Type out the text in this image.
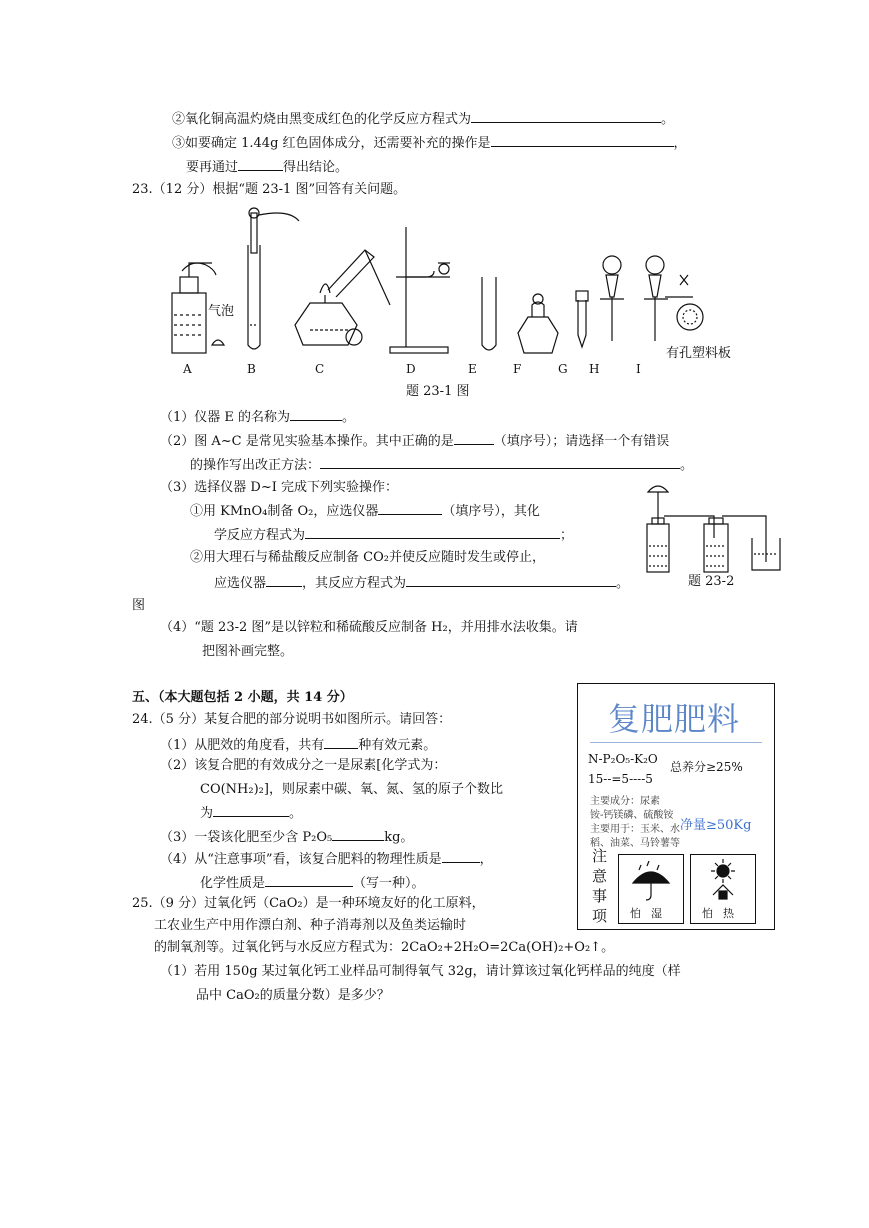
②氧化铜高温灼烧由黑变成红色的化学反应方程式为	。
③如要确定 1.44g 红色固体成分，还需要补充的操作是	，
要再通过	得出结论。
23.（12 分）根据“题 23-1 图”回答有关问题。
气泡
有孔塑料板
A	B	C	D	E	F	G H	I
题 23-1 图
（1）仪器 E 的名称为	。
（2）图 A~C 是常见实验基本操作。其中正确的是	（填序号）；请选择一个有错误
的操作写出改正方法：	。
（3）选择仪器 D~I 完成下列实验操作：
①用 KMnO₄制备 O₂，应选仪器	（填序号），其化
学反应方程式为	；
②用大理石与稀盐酸反应制备 CO₂并使反应随时发生或停止，
应选仪器	，其反应方程式为	。	题 23-2
图
（4）“题 23-2 图”是以锌粒和稀硫酸反应制备 H₂，并用排水法收集。请
把图补画完整。
五、（本大题包括 2 小题，共 14 分）
24.（5 分）某复合肥的部分说明书如图所示。请回答：
（1）从肥效的角度看，共有	种有效元素。
（2）该复合肥的有效成分之一是尿素[化学式为：
CO(NH₂)₂]，则尿素中碳、氧、氮、氢的原子个数比
为	。
（3）一袋该化肥至少含 P₂O₅	kg。
（4）从“注意事项”看，该复合肥料的物理性质是	，
化学性质是	（写一种）。
25.（9 分）过氧化钙（CaO₂）是一种环境友好的化工原料，
工农业生产中用作漂白剂、种子消毒剂以及鱼类运输时
的制氧剂等。过氧化钙与水反应方程式为：2CaO₂+2H₂O=2Ca(OH)₂+O₂↑。
（1）若用 150g 某过氧化钙工业样品可制得氧气 32g，请计算该过氧化钙样品的纯度（样
品中 CaO₂的质量分数）是多少？
复肥肥料
N-P₂O₅-K₂O
总养分≥25%
15--=5----5
主要成分：尿素
铵-钙镁磷、硫酸铵
主要用于：玉米、水
稻、油菜、马铃薯等
净量≥50Kg
注
意
事
项	怕湿	怕热
